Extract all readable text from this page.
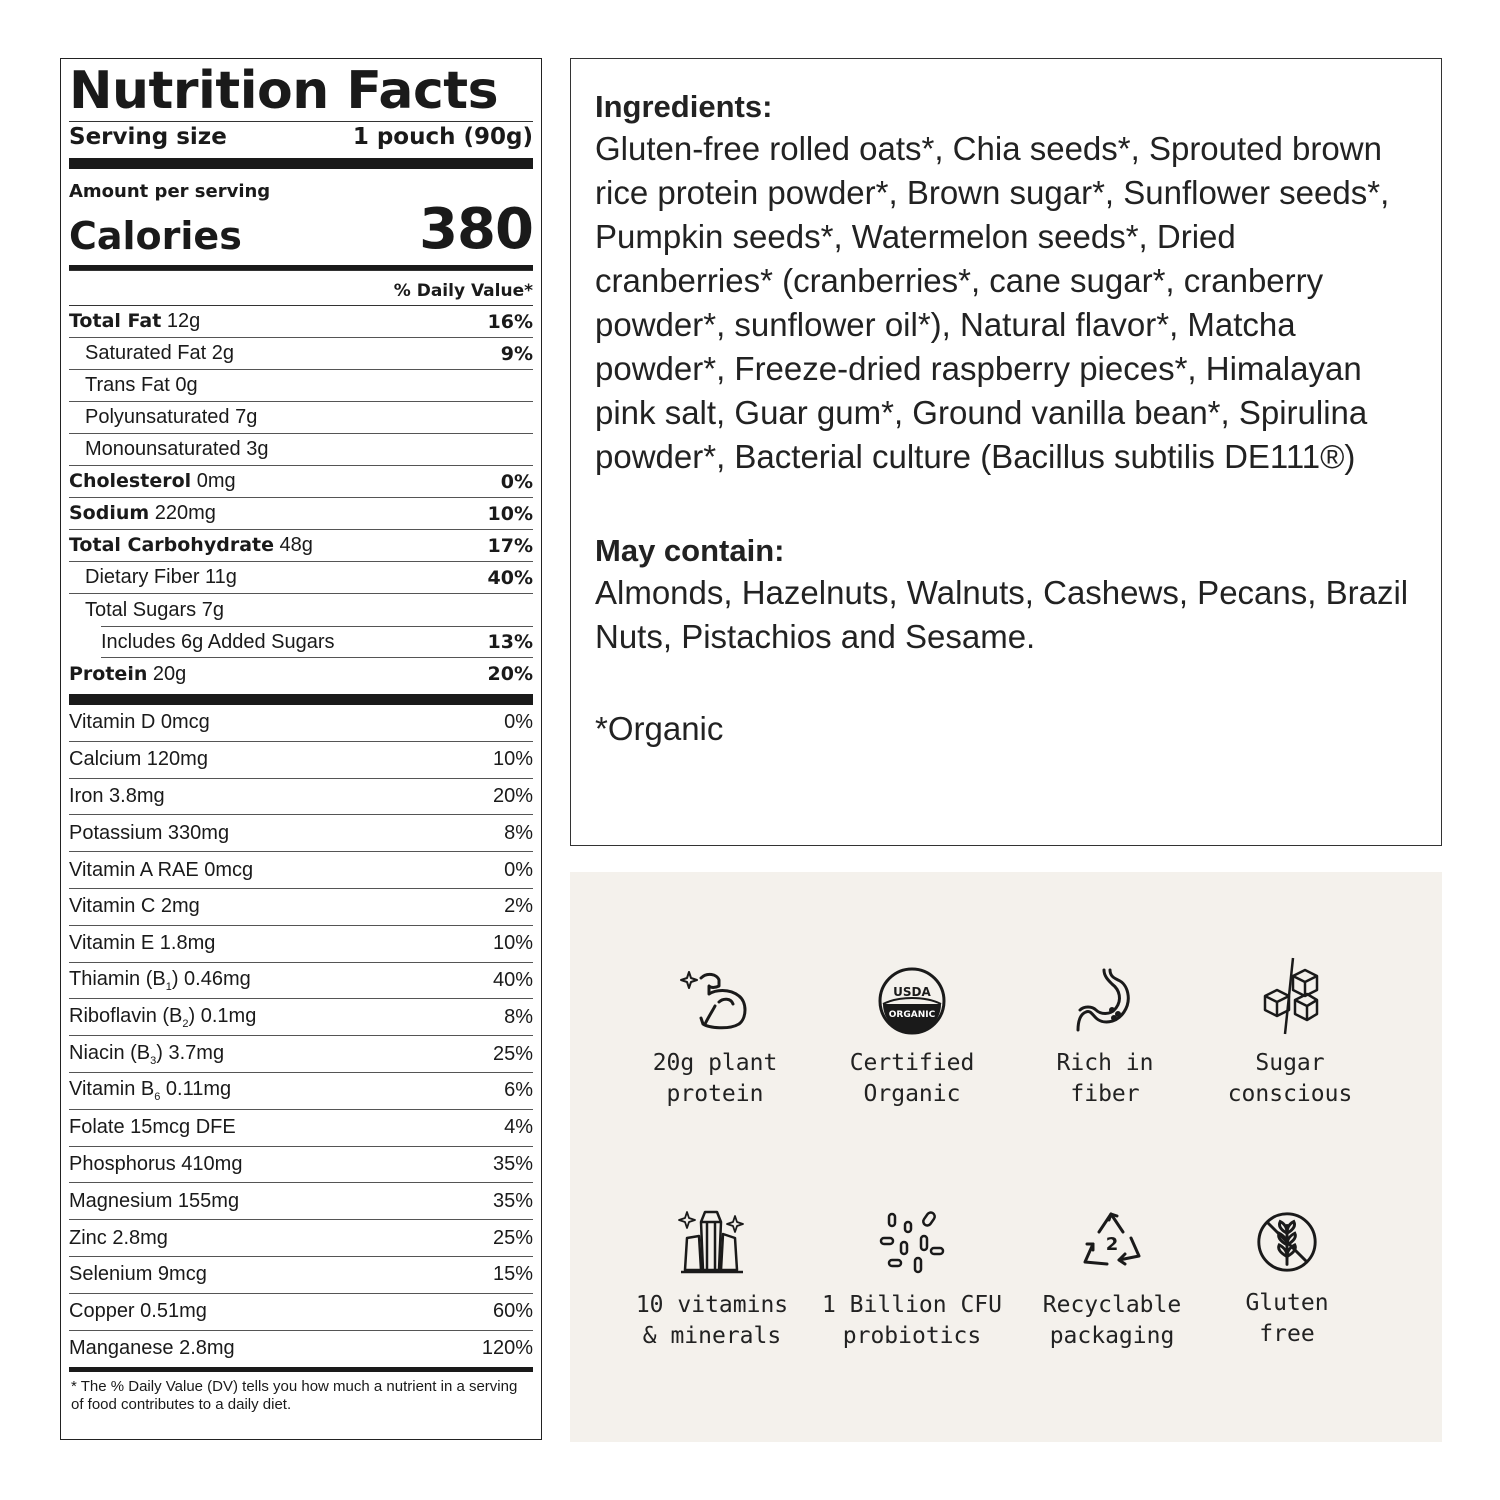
Nutrition Facts
Serving size	1 pouch (90g)
Amount per serving
Calories	380
% Daily Value*
Total Fat 12g	16%
Saturated Fat 2g	9%
Trans Fat 0g
Polyunsaturated 7g
Monounsaturated 3g
Cholesterol 0mg	0%
Sodium 220mg	10%
Total Carbohydrate 48g	17%
Dietary Fiber 11g	40%
Total Sugars 7g
Includes 6g Added Sugars	13%
Protein 20g	20%
Vitamin D 0mcg	0%
Calcium 120mg	10%
Iron 3.8mg	20%
Potassium 330mg	8%
Vitamin A RAE 0mcg	0%
Vitamin C 2mg	2%
Vitamin E 1.8mg	10%
Thiamin $(B_1)$ 0.46mg	40%
Riboflavin $(B_2)$ 0.1mg	8%
Niacin $(B_3)$ 3.7mg	25%
Vitamin $B_6$ 0.11mg	6%
Folate 15mcg DFE	4%
Phosphorus 410mg	35%
Magnesium 155mg	35%
Zinc 2.8mg	25%
Selenium 9mcg	15%
Copper 0.51mg	60%
Manganese 2.8mg	120%
* The % Daily Value (DV) tells you how much a nutrient in a serving of food contributes to a daily diet.
Ingredients:

Gluten-free rolled oats*, Chia seeds*, Sprouted brown rice protein powder*, Brown sugar*, Sunflower seeds*, Pumpkin seeds*, Watermelon seeds*, Dried cranberries* (cranberries*, cane sugar*, cranberry powder*, sunflower oil*), Natural flavor*, Matcha powder*, Freeze-dried raspberry pieces*, Himalayan pink salt, Guar gum*, Ground vanilla bean*, Spirulina powder*, Bacterial culture (Bacillus subtilis DE111®)

May contain:

Almonds, Hazelnuts, Walnuts, Cashews, Pecans, Brazil Nuts, Pistachios and Sesame.

*Organic

20g plant
protein
USDA
ORGANIC
Certified
Organic
Rich in
fiber
Sugar
conscious
10 vitamins
& minerals
1 Billion CFU
probiotics
2
Recyclable
packaging
Gluten
free
